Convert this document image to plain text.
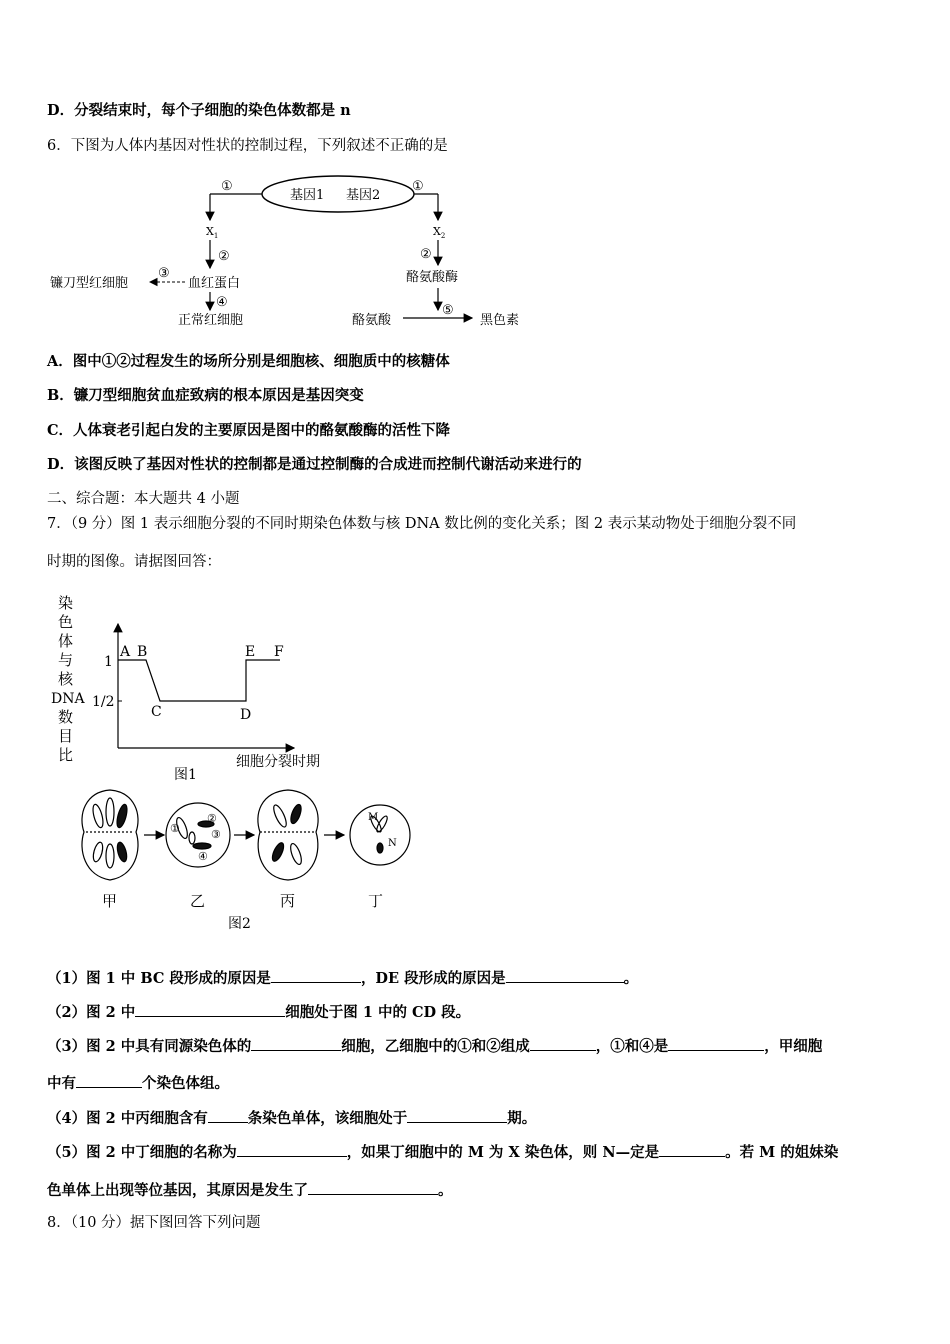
D．分裂结束时，每个子细胞的染色体数都是 n
6．下图为人体内基因对性状的控制过程，下列叙述不正确的是
基因1 基因2
①
$X_1$
②
血红蛋白
③
镰刀型红细胞
④
正常红细胞
①
$X_2$
②
酪氨酸酶
酪氨酸
⑤
黑色素
A．图中①②过程发生的场所分别是细胞核、细胞质中的核糖体
B．镰刀型细胞贫血症致病的根本原因是基因突变
C．人体衰老引起白发的主要原因是图中的酪氨酸酶的活性下降
D．该图反映了基因对性状的控制都是通过控制酶的合成进而控制代谢活动来进行的
二、综合题：本大题共 4 小题
7．（9 分）图 1 表示细胞分裂的不同时期染色体数与核 DNA 数比例的变化关系；图 2 表示某动物处于细胞分裂不同
时期的图像。请据图回答：
染
色
体
与
核
DNA
数
目
比
1
1/2
A B
C	D
E F
细胞分裂时期
图1
①
②
③
④
M
N
甲	乙	丙	丁
图2
（1）图 1 中 BC 段形成的原因是	，DE 段形成的原因是	。
（2）图 2 中	细胞处于图 1 中的 CD 段。
（3）图 2 中具有同源染色体的	细胞，乙细胞中的①和②组成	，①和④是	，甲细胞
中有	个染色体组。
（4）图 2 中丙细胞含有	条染色单体，该细胞处于	期。
（5）图 2 中丁细胞的名称为	，如果丁细胞中的 M 为 X 染色体，则 N—定是	。若 M 的姐妹染
色单体上出现等位基因，其原因是发生了	。
8．（10 分）据下图回答下列问题
